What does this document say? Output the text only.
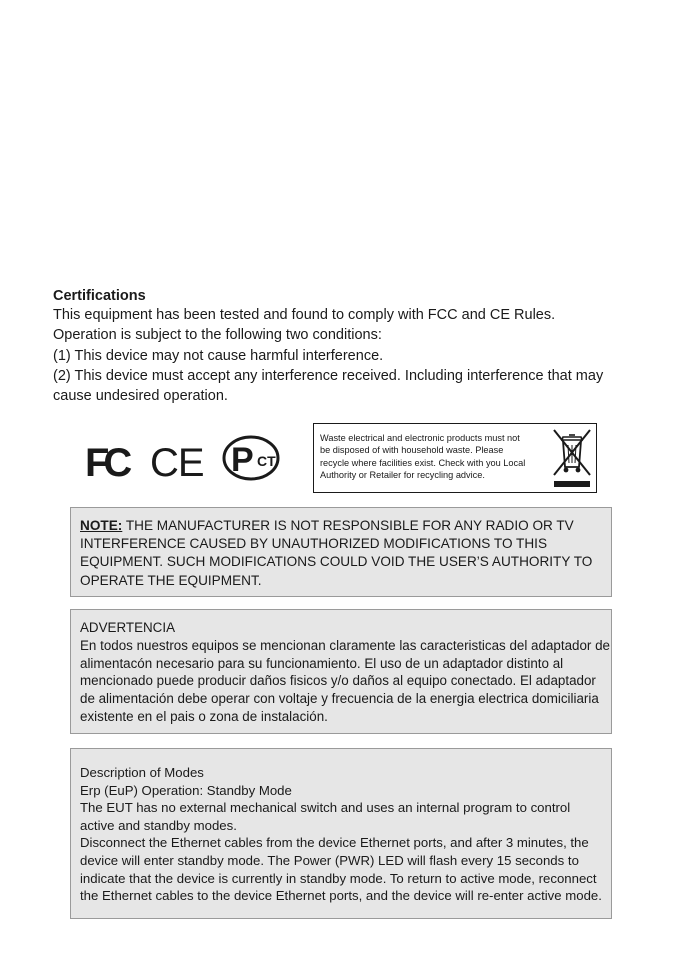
Certifications
This equipment has been tested and found to comply with FCC and CE Rules.
Operation is subject to the following two conditions:
(1) This device may not cause harmful interference.
(2) This device must accept any interference received. Including interference that may
cause undesired operation.
FC CE P CT
Waste electrical and electronic products must not
be disposed of with household waste. Please
recycle where facilities exist. Check with you Local
Authority or Retailer for recycling advice.
NOTE: THE MANUFACTURER IS NOT RESPONSIBLE FOR ANY RADIO OR TV
INTERFERENCE CAUSED BY UNAUTHORIZED MODIFICATIONS TO THIS
EQUIPMENT. SUCH MODIFICATIONS COULD VOID THE USER’S AUTHORITY TO
OPERATE THE EQUIPMENT.
ADVERTENCIA
En todos nuestros equipos se mencionan claramente las caracteristicas del adaptador de
alimentacón necesario para su funcionamiento. El uso de un adaptador distinto al
mencionado puede producir daños fisicos y/o daños al equipo conectado. El adaptador
de alimentación debe operar con voltaje y frecuencia de la energia electrica domiciliaria
existente en el pais o zona de instalación.
Description of Modes
Erp (EuP) Operation: Standby Mode
The EUT has no external mechanical switch and uses an internal program to control
active and standby modes.
Disconnect the Ethernet cables from the device Ethernet ports, and after 3 minutes, the
device will enter standby mode. The Power (PWR) LED will flash every 15 seconds to
indicate that the device is currently in standby mode. To return to active mode, reconnect
the Ethernet cables to the device Ethernet ports, and the device will re-enter active mode.
